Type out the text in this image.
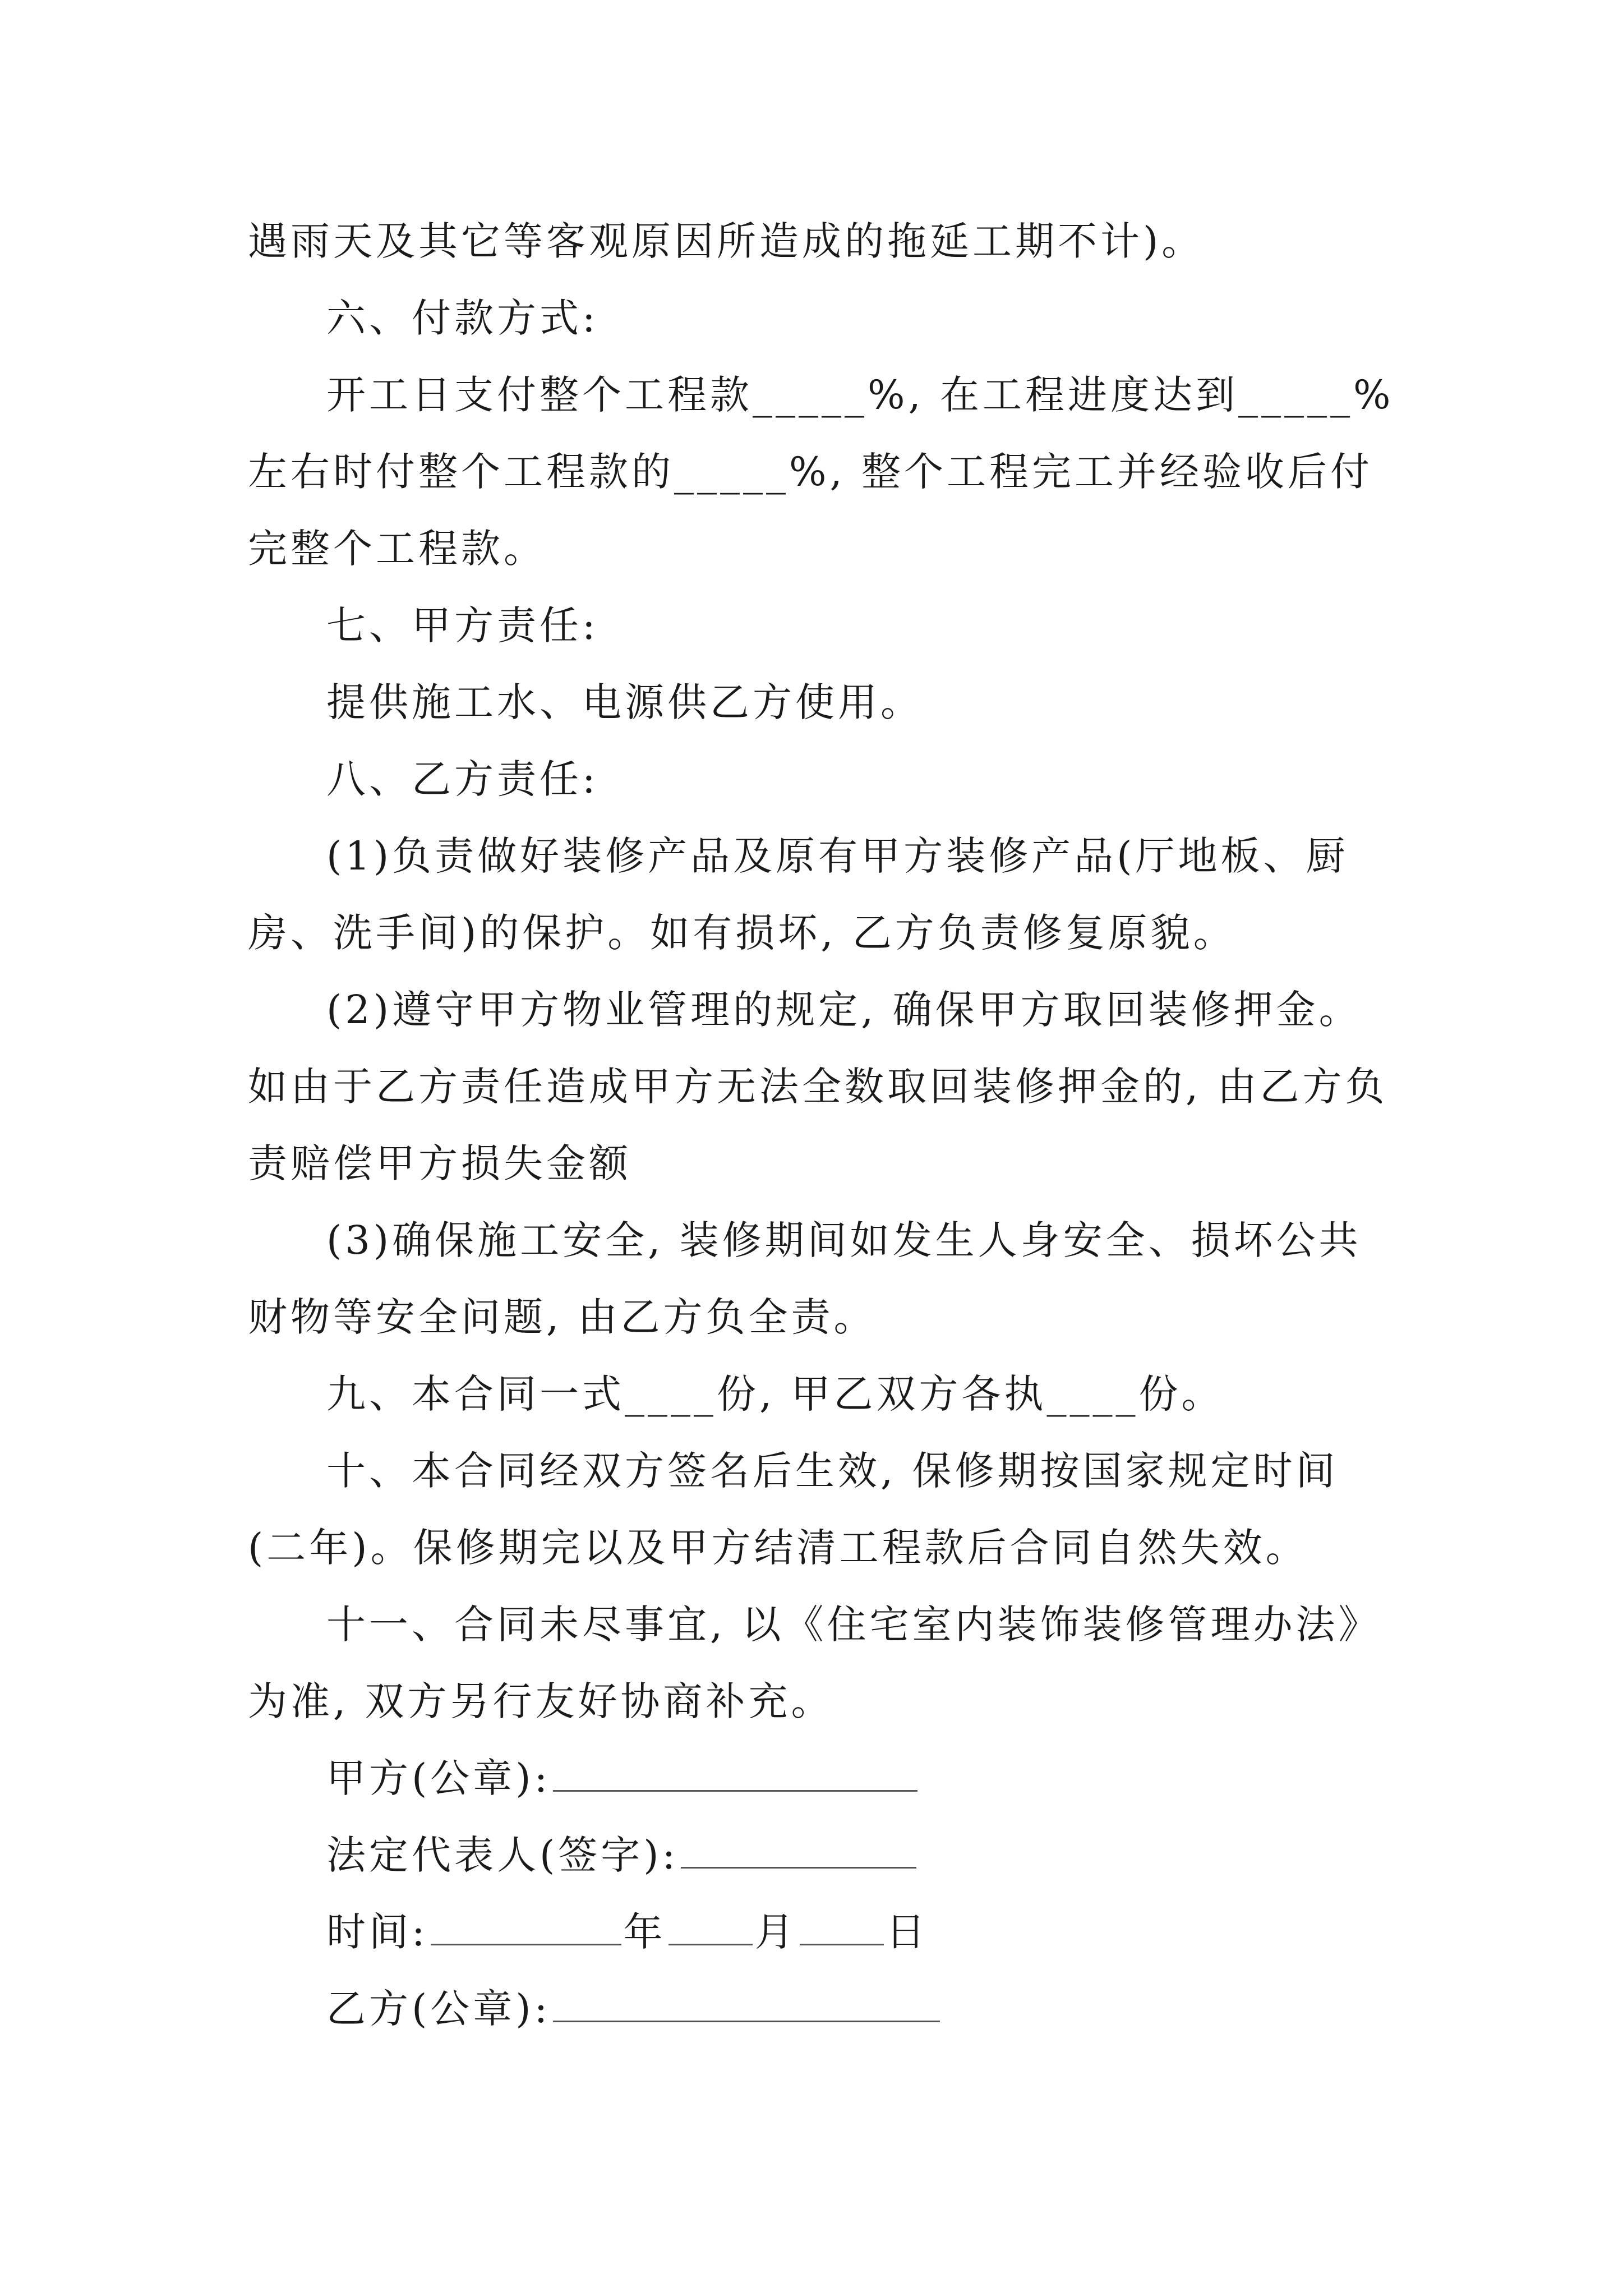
遇雨天及其它等客观原因所造成的拖延工期不计)。

六、付款方式:

开工日支付整个工程款_____%, 在工程进度达到_____%左右时付整个工程款的_____%, 整个工程完工并经验收后付完整个工程款。

七、甲方责任:

提供施工水、电源供乙方使用。

八、乙方责任:

(1)负责做好装修产品及原有甲方装修产品(厅地板、厨房、洗手间)的保护。如有损坏, 乙方负责修复原貌。

(2)遵守甲方物业管理的规定, 确保甲方取回装修押金。如由于乙方责任造成甲方无法全数取回装修押金的, 由乙方负责赔偿甲方损失金额

(3)确保施工安全, 装修期间如发生人身安全、损坏公共财物等安全问题, 由乙方负全责。

九、本合同一式____份, 甲乙双方各执____份。

十、本合同经双方签名后生效, 保修期按国家规定时间(二年)。保修期完以及甲方结清工程款后合同自然失效。

十一、合同未尽事宜, 以《住宅室内装饰装修管理办法》为准, 双方另行友好协商补充。

甲方(公章):

法定代表人(签字):

时间:	年 月 日

乙方(公章):
